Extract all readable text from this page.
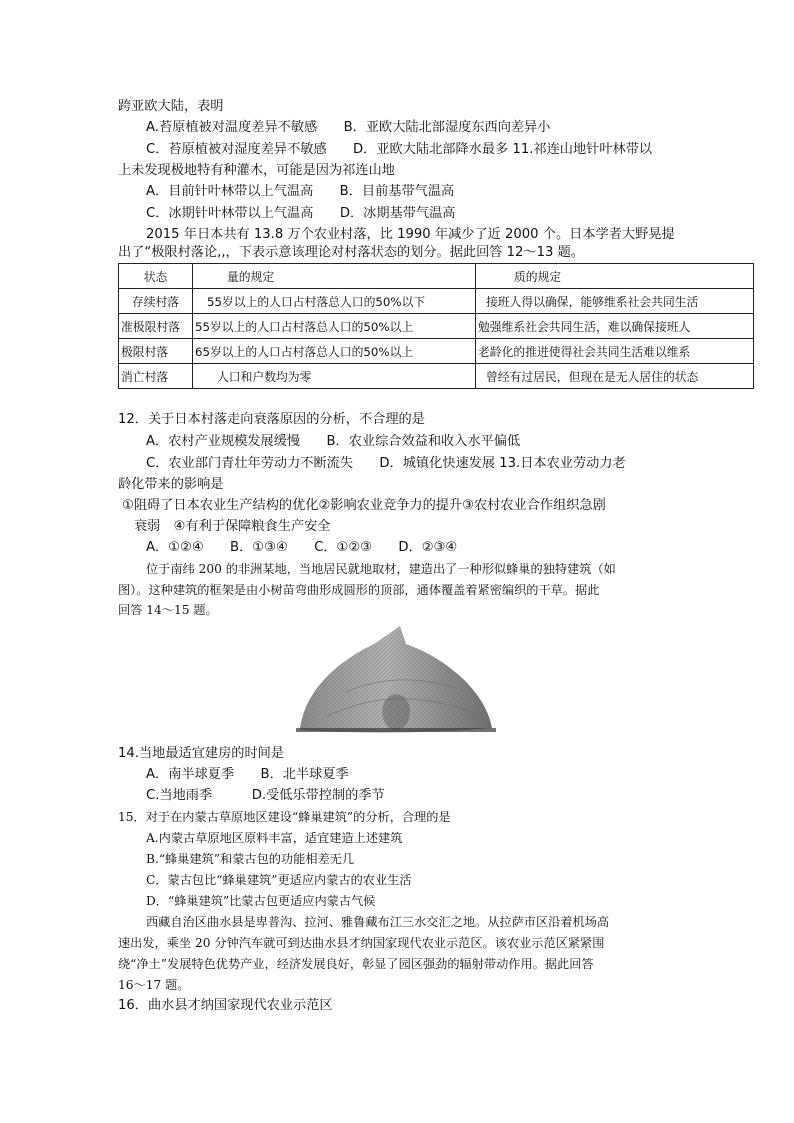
跨亚欧大陆，表明
A.苔原植被对温度差异不敏感　　B．亚欧大陆北部湿度东西向差异小
C．苔原植被对湿度差异不敏感　　D．亚欧大陆北部降水最多 11.祁连山地针叶林带以
上未发现极地特有种灌木，可能是因为祁连山地
A．目前针叶林带以上气温高　　B．目前基带气温高
C．冰期针叶林带以上气温高　　D．冰期基带气温高
2015 年日本共有 13.8 万个农业村落，比 1990 年减少了近 2000 个。日本学者大野晃提
出了“极限村落论,,，下表示意该理论对村落状态的划分。据此回答 12～13 题。
状态	量的规定	质的规定
存续村落	55岁以上的人口占村落总人口的50%以下	接班人得以确保，能够维系社会共同生活
准极限村落	55岁以上的人口占村落总人口的50%以上	勉强维系社会共同生活，难以确保接班人
极限村落	65岁以上的人口占村落总人口的50%以上	老龄化的推进使得社会共同生活难以维系
消亡村落	人口和户数均为零	曾经有过居民，但现在是无人居住的状态
12．关于日本村落走向衰落原因的分析，不合理的是
A．农村产业规模发展缓慢　　B．农业综合效益和收入水平偏低
C．农业部门青壮年劳动力不断流失　　D．城镇化快速发展 13.日本农业劳动力老
龄化带来的影响是
①阻碍了日本农业生产结构的优化②影响农业竞争力的提升③农村农业合作组织急剧
衰弱　④有利于保障粮食生产安全
A．①②④　　B．①③④　　C．①②③　　D．②③④
位于南纬 200 的非洲某地，当地居民就地取材，建造出了一种形似蜂巢的独特建筑（如
图）。这种建筑的框架是由小树苗弯曲形成圆形的顶部，通体覆盖着紧密编织的干草。据此
回答 14～15 题。
14.当地最适宜建房的时间是
A．南半球夏季　　B．北半球夏季
C.当地雨季　　　D.受低乐带控制的季节
15．对于在内蒙古草原地区建设“蜂巢建筑”的分析，合理的是
A.内蒙古草原地区原料丰富，适宜建造上述建筑
B.“蜂巢建筑”和蒙古包的功能相差无几
C．蒙古包比“蜂巢建筑”更适应内蒙古的农业生活
D．“蜂巢建筑”比蒙古包更适应内蒙古气候
西藏自治区曲水县是卑普沟、拉河、雅鲁藏布江三水交汇之地。从拉萨市区沿着机场高
速出发，乘坐 20 分钟汽车就可到达曲水县才纳国家现代农业示范区。该农业示范区紧紧围
绕“净土”发展特色优势产业，经济发展良好，彰显了园区强劲的辐射带动作用。据此回答
16～17 题。
16．曲水县才纳国家现代农业示范区
